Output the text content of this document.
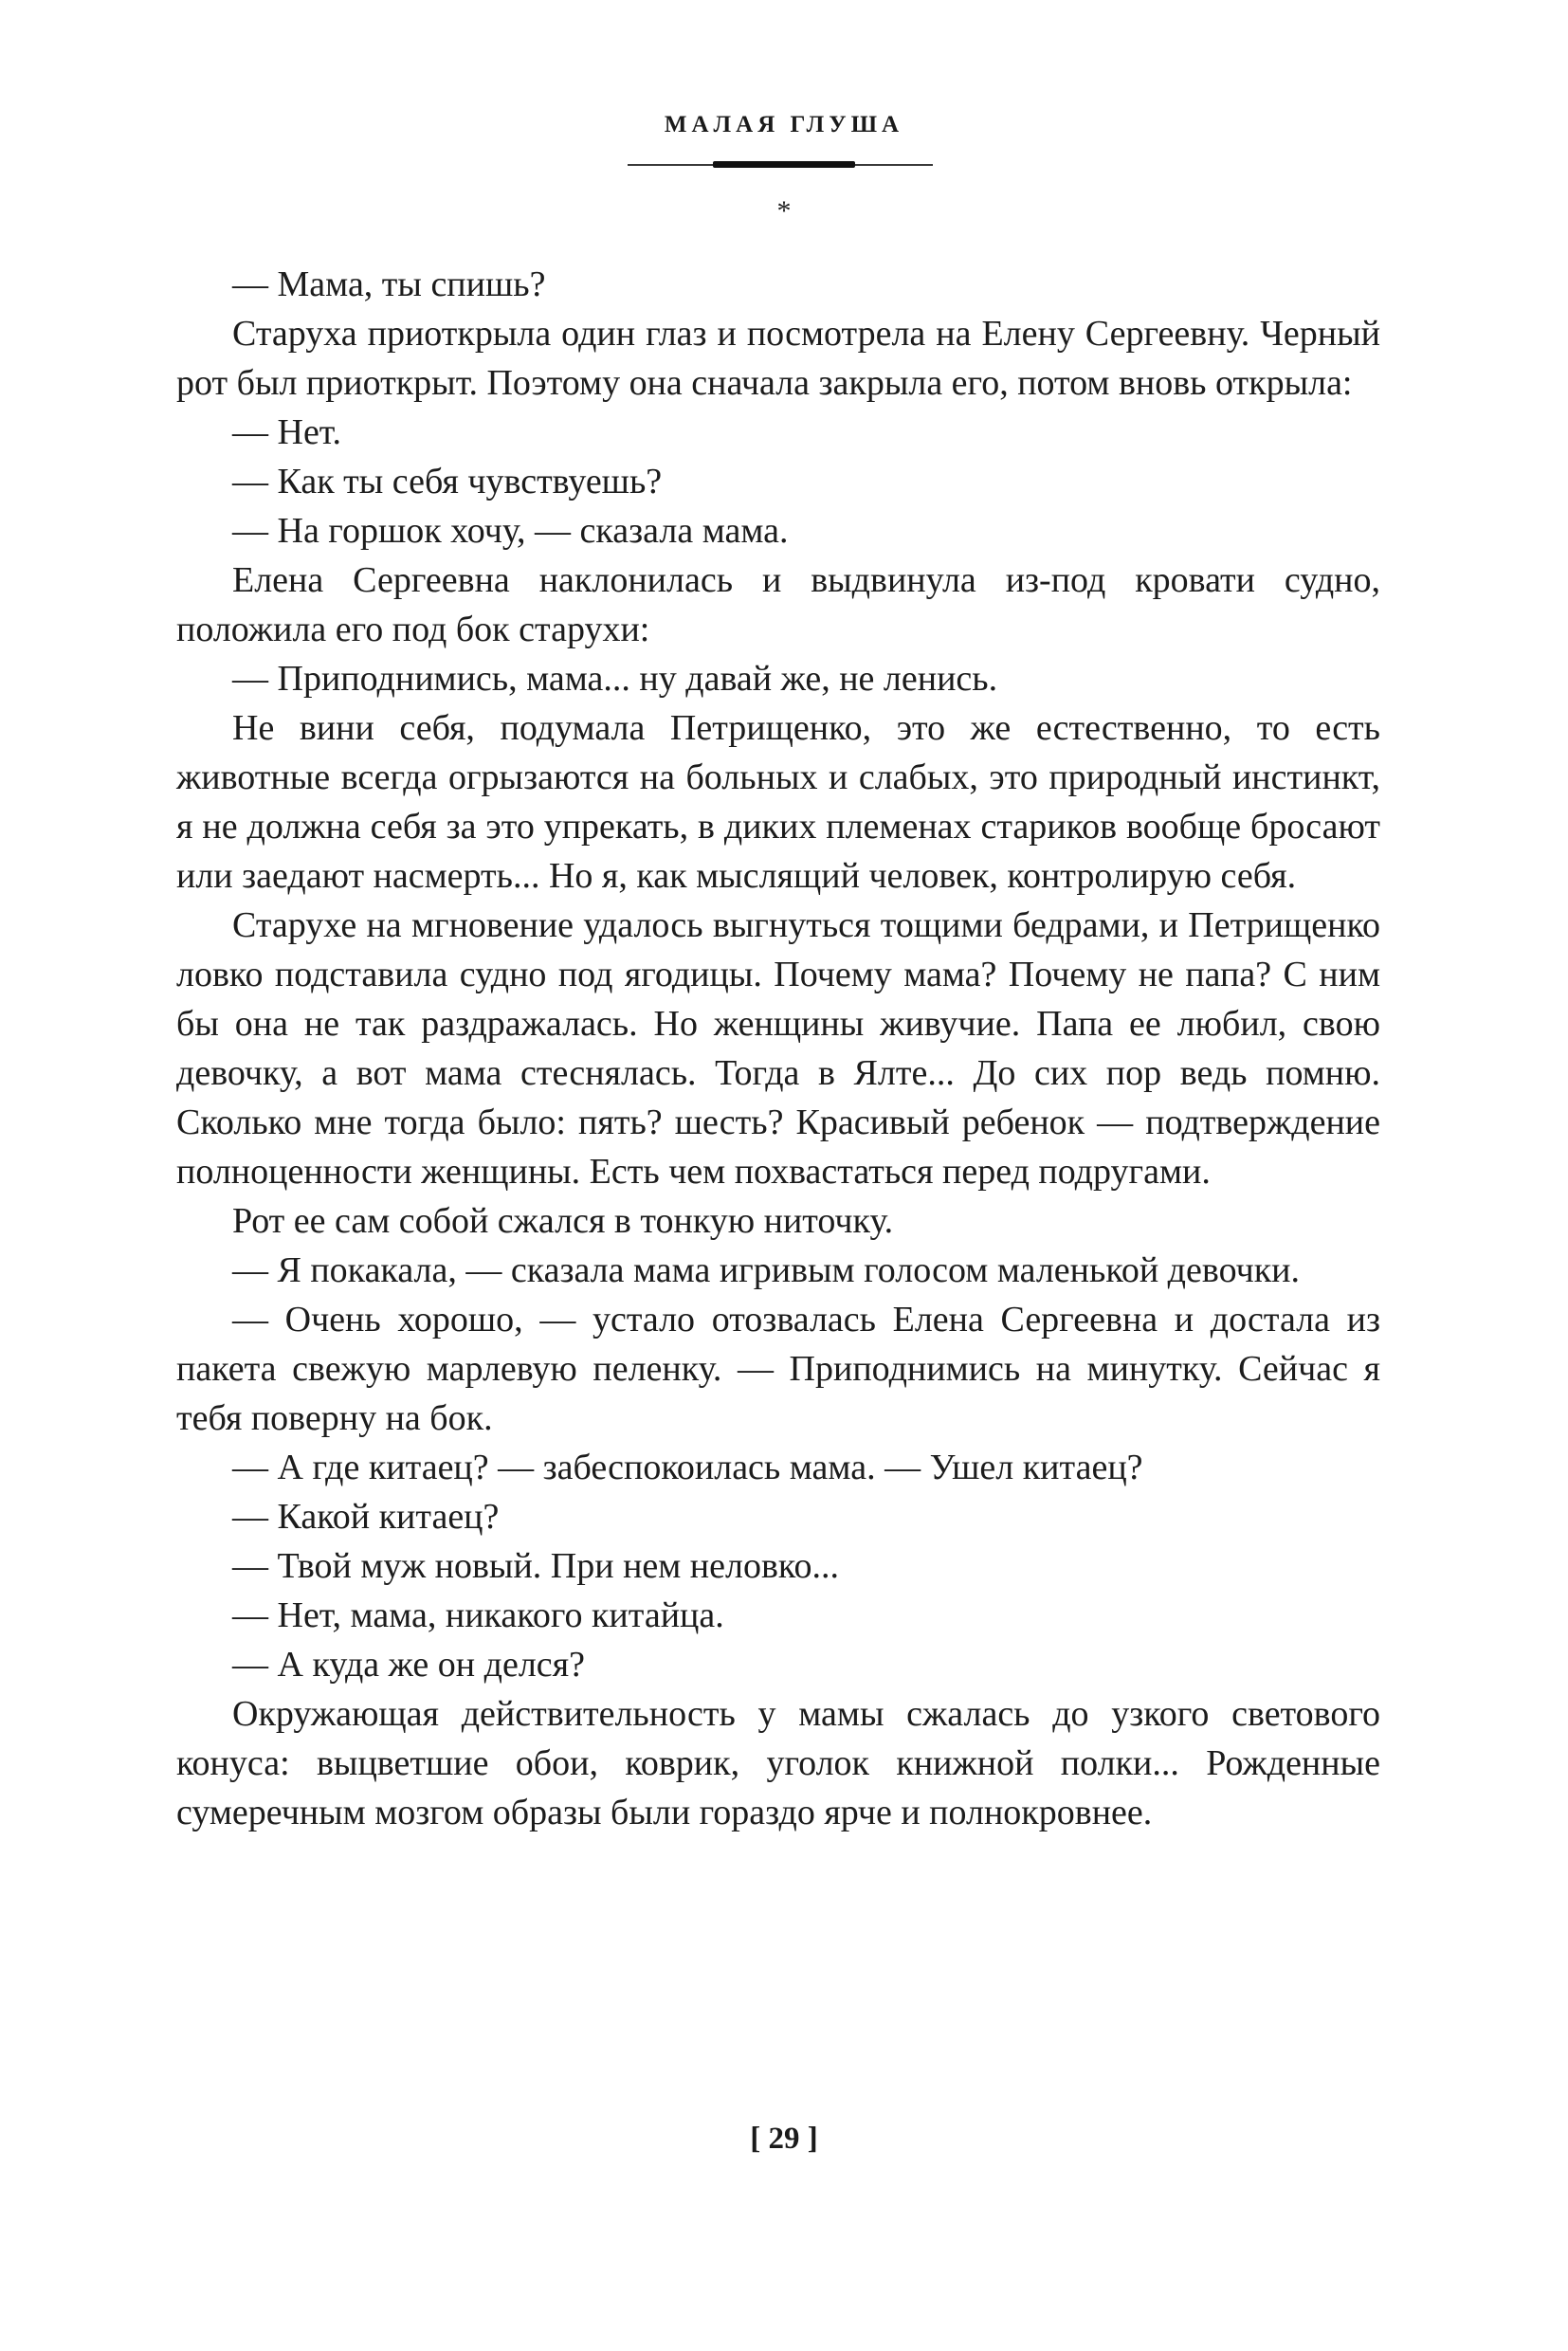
МАЛАЯ ГЛУША
*

— Мама, ты спишь?

Старуха приоткрыла один глаз и посмотрела на Елену Сергеевну. Черный рот был приоткрыт. Поэтому она сначала закрыла его, потом вновь открыла:

— Нет.

— Как ты себя чувствуешь?

— На горшок хочу, — сказала мама.

Елена Сергеевна наклонилась и выдвинула из-под кровати судно, положила его под бок старухи:

— Приподнимись, мама... ну давай же, не ленись.

Не вини себя, подумала Петрищенко, это же естественно, то есть животные всегда огрызаются на больных и слабых, это природный инстинкт, я не должна себя за это упрекать, в диких племенах стариков вообще бросают или заедают насмерть... Но я, как мыслящий человек, контролирую себя.

Старухе на мгновение удалось выгнуться тощими бедрами, и Петрищенко ловко подставила судно под ягодицы. Почему мама? Почему не папа? С ним бы она не так раздражалась. Но женщины живучие. Папа ее любил, свою девочку, а вот мама стеснялась. Тогда в Ялте... До сих пор ведь помню. Сколько мне тогда было: пять? шесть? Красивый ребенок — подтверждение полноценности женщины. Есть чем похвастаться перед подругами.

Рот ее сам собой сжался в тонкую ниточку.

— Я покакала, — сказала мама игривым голосом маленькой девочки.

— Очень хорошо, — устало отозвалась Елена Сергеевна и достала из пакета свежую марлевую пеленку. — Приподнимись на минутку. Сейчас я тебя поверну на бок.

— А где китаец? — забеспокоилась мама. — Ушел китаец?

— Какой китаец?

— Твой муж новый. При нем неловко...

— Нет, мама, никакого китайца.

— А куда же он делся?

Окружающая действительность у мамы сжалась до узкого светового конуса: выцветшие обои, коврик, уголок книжной полки... Рожденные сумеречным мозгом образы были гораздо ярче и полнокровнее.

[ 29 ]
